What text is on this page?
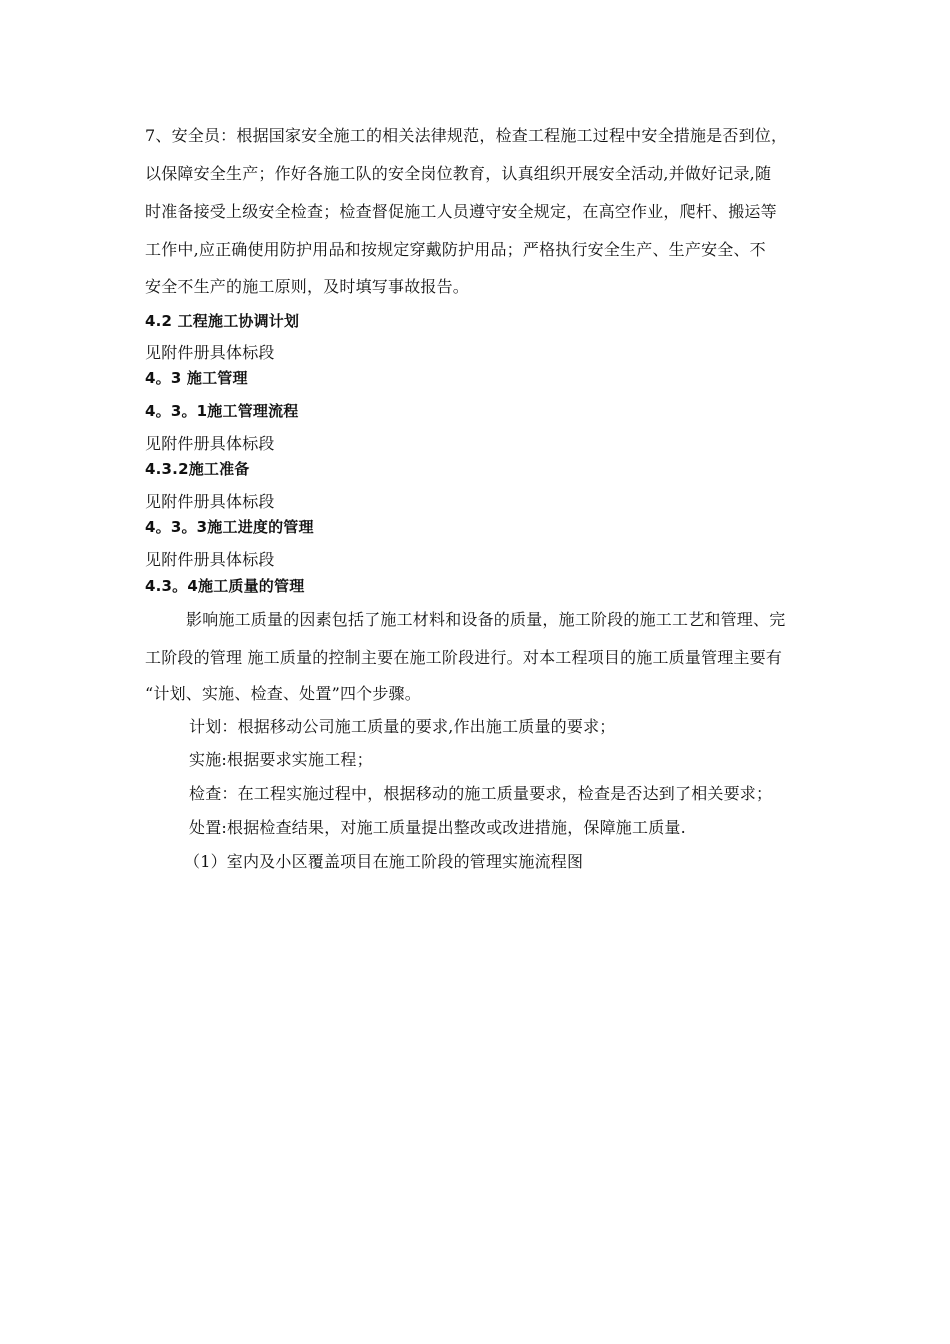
7、安全员：根据国家安全施工的相关法律规范，检查工程施工过程中安全措施是否到位，
以保障安全生产；作好各施工队的安全岗位教育，认真组织开展安全活动,并做好记录,随
时准备接受上级安全检查；检查督促施工人员遵守安全规定，在高空作业，爬杆、搬运等
工作中,应正确使用防护用品和按规定穿戴防护用品；严格执行安全生产、生产安全、不
安全不生产的施工原则，及时填写事故报告。
4.2 工程施工协调计划
见附件册具体标段
4。3 施工管理
4。3。1施工管理流程
见附件册具体标段
4.3.2施工准备
见附件册具体标段
4。3。3施工进度的管理
见附件册具体标段
4.3。4施工质量的管理
影响施工质量的因素包括了施工材料和设备的质量，施工阶段的施工工艺和管理、完
工阶段的管理 施工质量的控制主要在施工阶段进行。对本工程项目的施工质量管理主要有
“计划、实施、检查、处置”四个步骤。
计划：根据移动公司施工质量的要求,作出施工质量的要求；
实施:根据要求实施工程；
检查：在工程实施过程中，根据移动的施工质量要求，检查是否达到了相关要求；
处置:根据检查结果，对施工质量提出整改或改进措施，保障施工质量.
（1）室内及小区覆盖项目在施工阶段的管理实施流程图
